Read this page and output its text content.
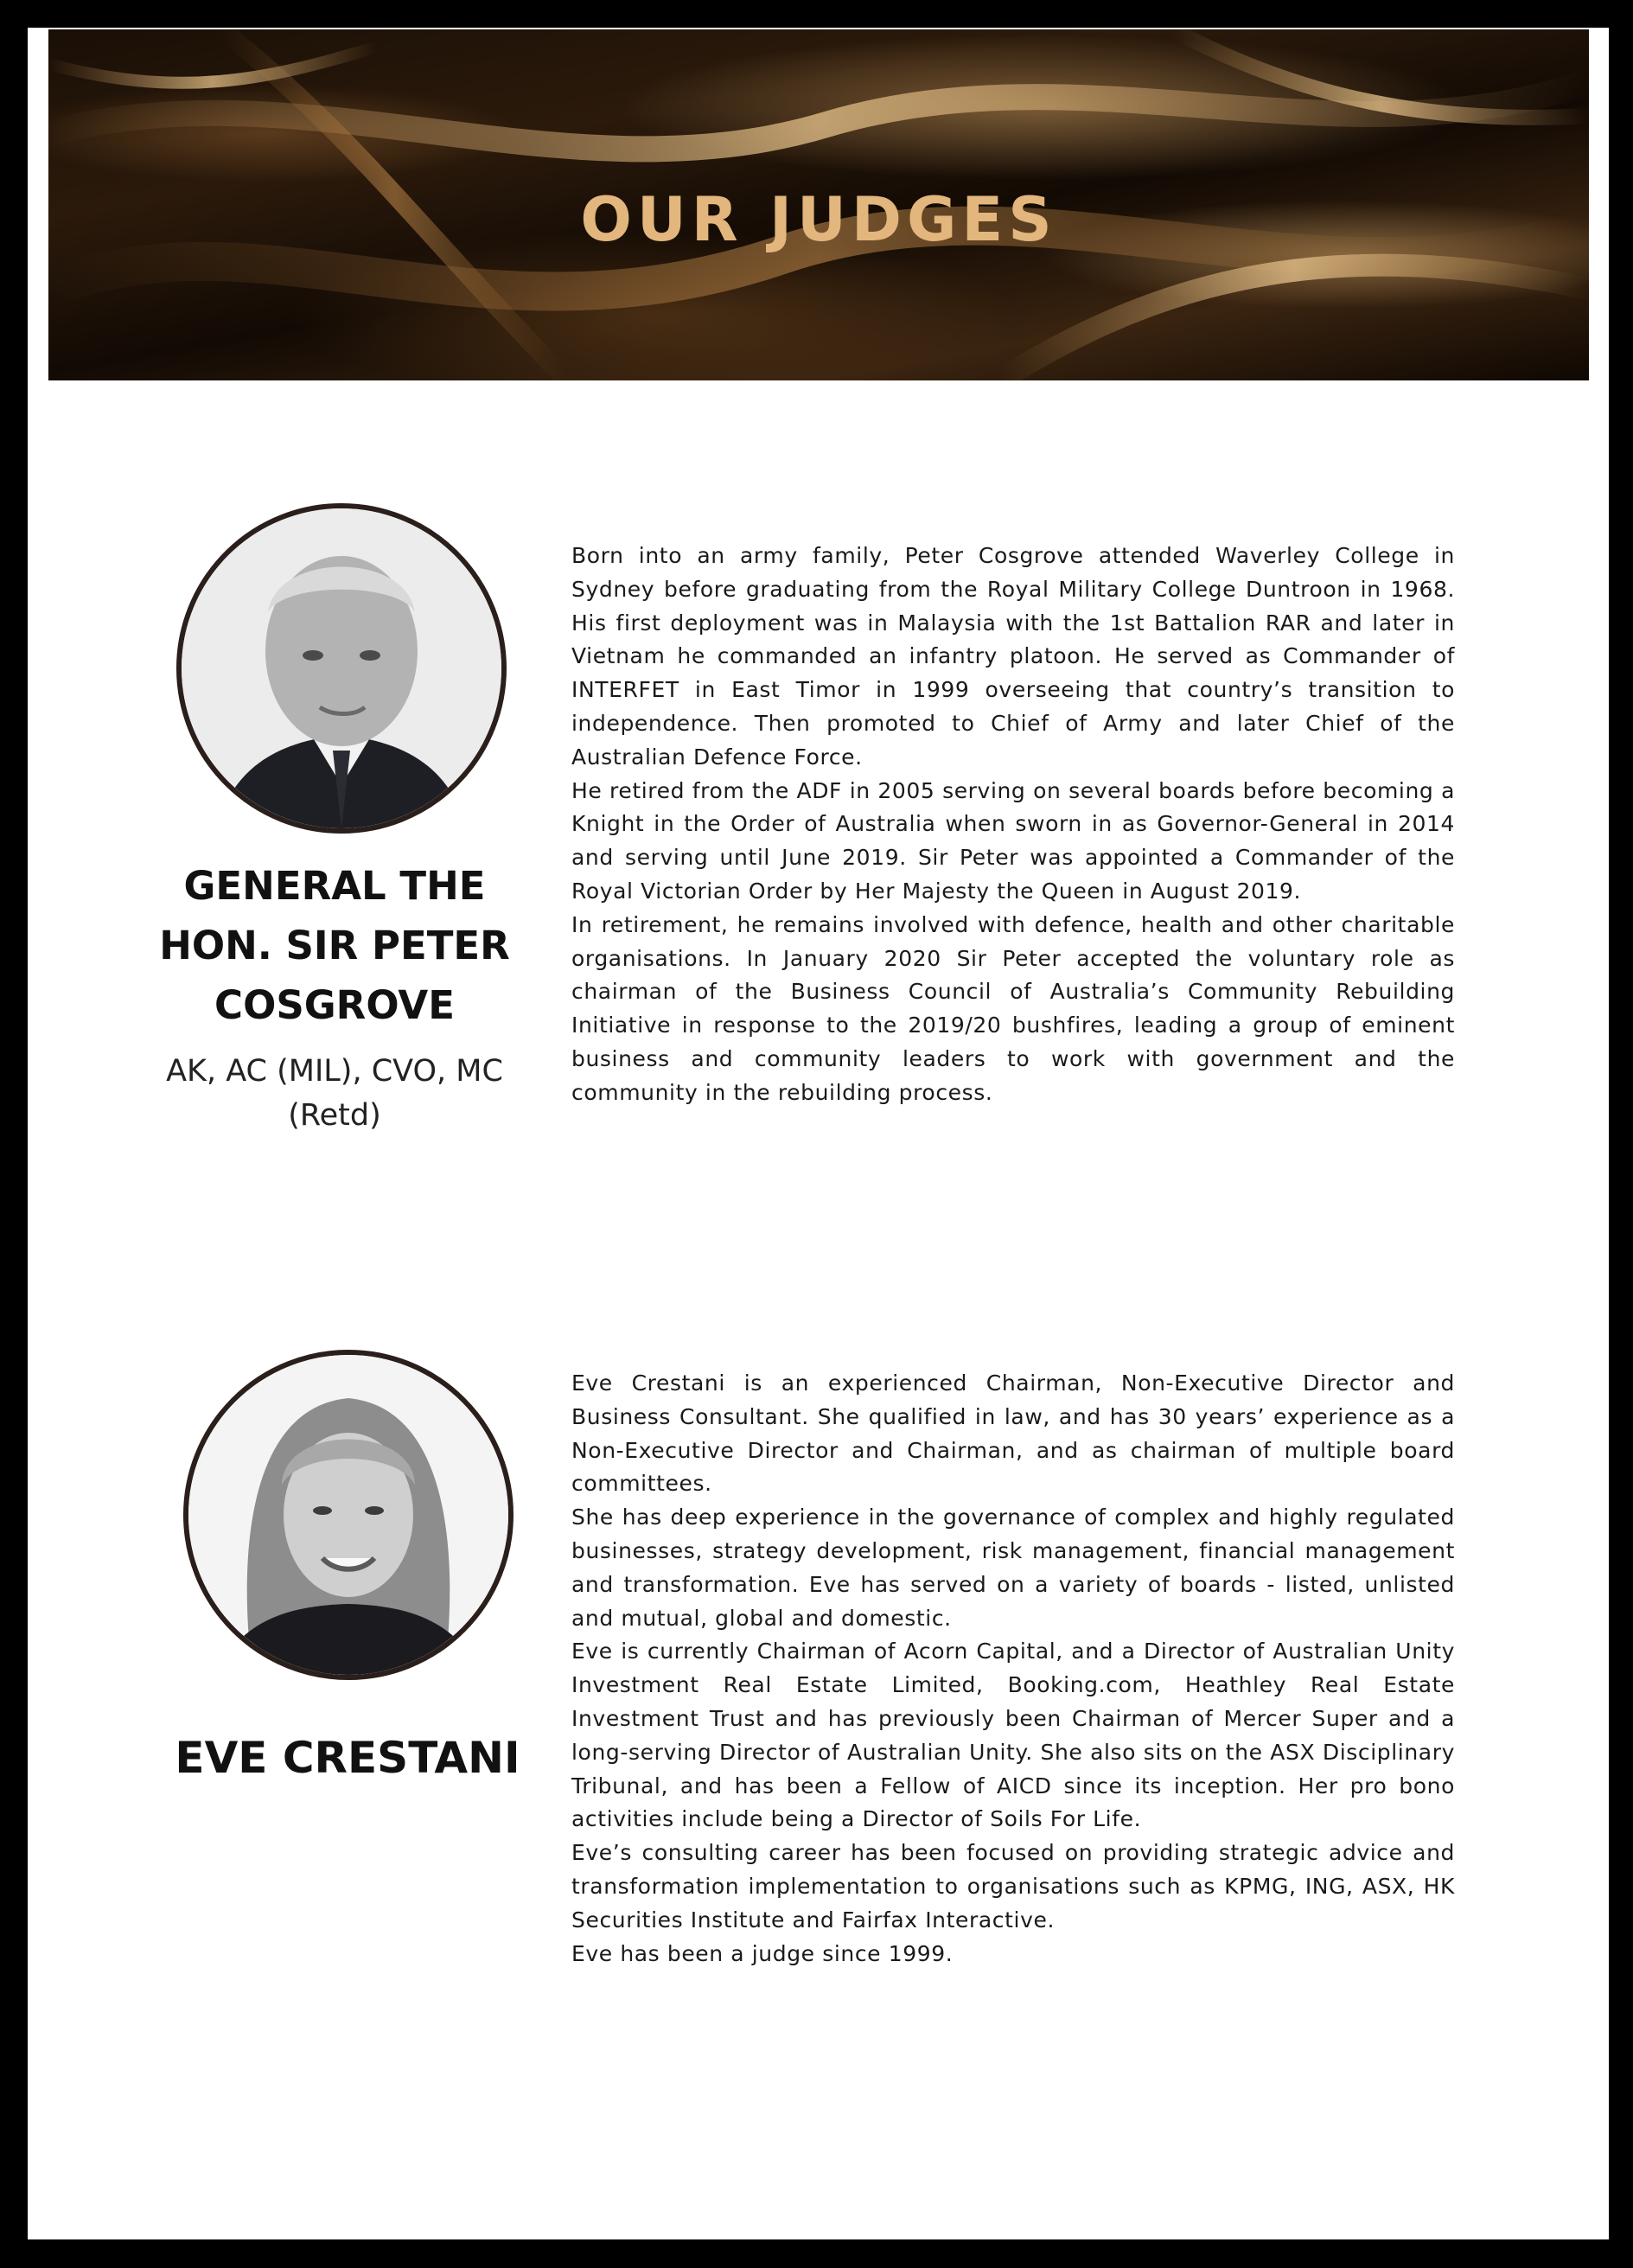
OUR JUDGES
GENERAL THE HON. SIR PETER COSGROVE
AK, AC (MIL), CVO, MC (Retd)

Born into an army family, Peter Cosgrove attended Waverley College in Sydney before graduating from the Royal Military College Duntroon in 1968. His first deployment was in Malaysia with the 1st Battalion RAR and later in Vietnam he commanded an infantry platoon. He served as Commander of INTERFET in East Timor in 1999 overseeing that country’s transition to independence. Then promoted to Chief of Army and later Chief of the Australian Defence Force.

He retired from the ADF in 2005 serving on several boards before becoming a Knight in the Order of Australia when sworn in as Governor-General in 2014 and serving until June 2019. Sir Peter was appointed a Commander of the Royal Victorian Order by Her Majesty the Queen in August 2019.

In retirement, he remains involved with defence, health and other charitable organisations. In January 2020 Sir Peter accepted the voluntary role as chairman of the Business Council of Australia’s Community Rebuilding Initiative in response to the 2019/20 bushfires, leading a group of eminent business and community leaders to work with government and the community in the rebuilding process.

EVE CRESTANI

Eve Crestani is an experienced Chairman, Non-Executive Director and Business Consultant. She qualified in law, and has 30 years’ experience as a Non-Executive Director and Chairman, and as chairman of multiple board committees.

She has deep experience in the governance of complex and highly regulated businesses, strategy development, risk management, financial management and transformation. Eve has served on a variety of boards - listed, unlisted and mutual, global and domestic.

Eve is currently Chairman of Acorn Capital, and a Director of Australian Unity Investment Real Estate Limited, Booking.com, Heathley Real Estate Investment Trust and has previously been Chairman of Mercer Super and a long-serving Director of Australian Unity. She also sits on the ASX Disciplinary Tribunal, and has been a Fellow of AICD since its inception. Her pro bono activities include being a Director of Soils For Life.

Eve’s consulting career has been focused on providing strategic advice and transformation implementation to organisations such as KPMG, ING, ASX, HK Securities Institute and Fairfax Interactive.

Eve has been a judge since 1999.
